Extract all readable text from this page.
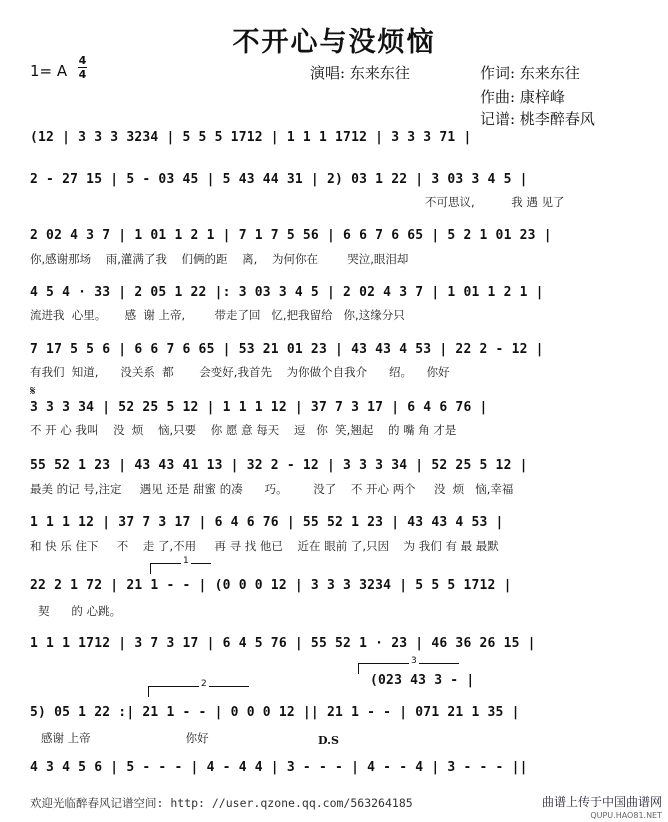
不开心与没烦恼
1= A
4
4	演唱: 东来东往	作词: 东来东往
作曲: 康梓峰
记谱: 桃李醉春风
(12 | 3 3 3 3234 | 5 5 5 1712 | 1 1 1 1712 | 3 3 3 71 |
2 - 27 15 | 5 - 03 45 | 5 43 44 31 | 2) 03 1 22 | 3 03 3 4 5 |
不可思议,          我 遇 见了
2 02 4 3 7 | 1 01 1 2 1 | 7 1 7 5 56 | 6 6 7 6 65 | 5 2 1 01 23 |
你,感谢那场    雨,灌满了我    们俩的距    离,    为何你在        哭泣,眼泪却
4 5 4 · 33 | 2 05 1 22 |: 3 03 3 4 5 | 2 02 4 3 7 | 1 01 1 2 1 |
流进我  心里。     感  谢 上帝,        带走了回   忆,把我留给   你,这缘分只
7 17 5 5 6 | 6 6 7 6 65 | 53 21 01 23 | 43 43 4 53 | 22 2 - 12 |
有我们  知道,      没关系  都       会变好,我首先    为你做个自我介      绍。    你好
𝄋
3 3 3 34 | 52 25 5 12 | 1 1 1 12 | 37 7 3 17 | 6 4 6 76 |
不 开 心 我叫    没  烦    恼,只要    你 愿 意 每天    逗   你  笑,翘起    的 嘴 角 才是
55 52 1 23 | 43 43 41 13 | 32 2 - 12 | 3 3 3 34 | 52 25 5 12 |
最美 的记 号,注定     遇见 还是 甜蜜 的凑      巧。       没了    不 开心 两个     没  烦   恼,幸福
1 1 1 12 | 37 7 3 17 | 6 4 6 76 | 55 52 1 23 | 43 43 4 53 |
和 快 乐 住下     不    走 了,不用     再 寻 找 他已    近在 眼前 了,只因    为 我们 有 最 最默
1
22 2 1 72 | 21 1 - - | (0 0 0 12 | 3 3 3 3234 | 5 5 5 1712 |
契      的 心跳。
1 1 1 1712 | 3 7 3 17 | 6 4 5 76 | 55 52 1 · 23 | 46 36 26 15 |
3
(023 43 3 - |
2
5) 05 1 22 :| 21 1 - - | 0 0 0 12 || 21 1 - - | 071 21 1 35 |
感谢 上帝                          你好	D.S
4 3 4 5 6 | 5 - - - | 4 - 4 4 | 3 - - - | 4 - - 4 | 3 - - - ||
欢迎光临醉春风记谱空间: http: //user.qzone.qq.com/563264185	曲谱上传于中国曲谱网
QUPU.HAO81.NET
